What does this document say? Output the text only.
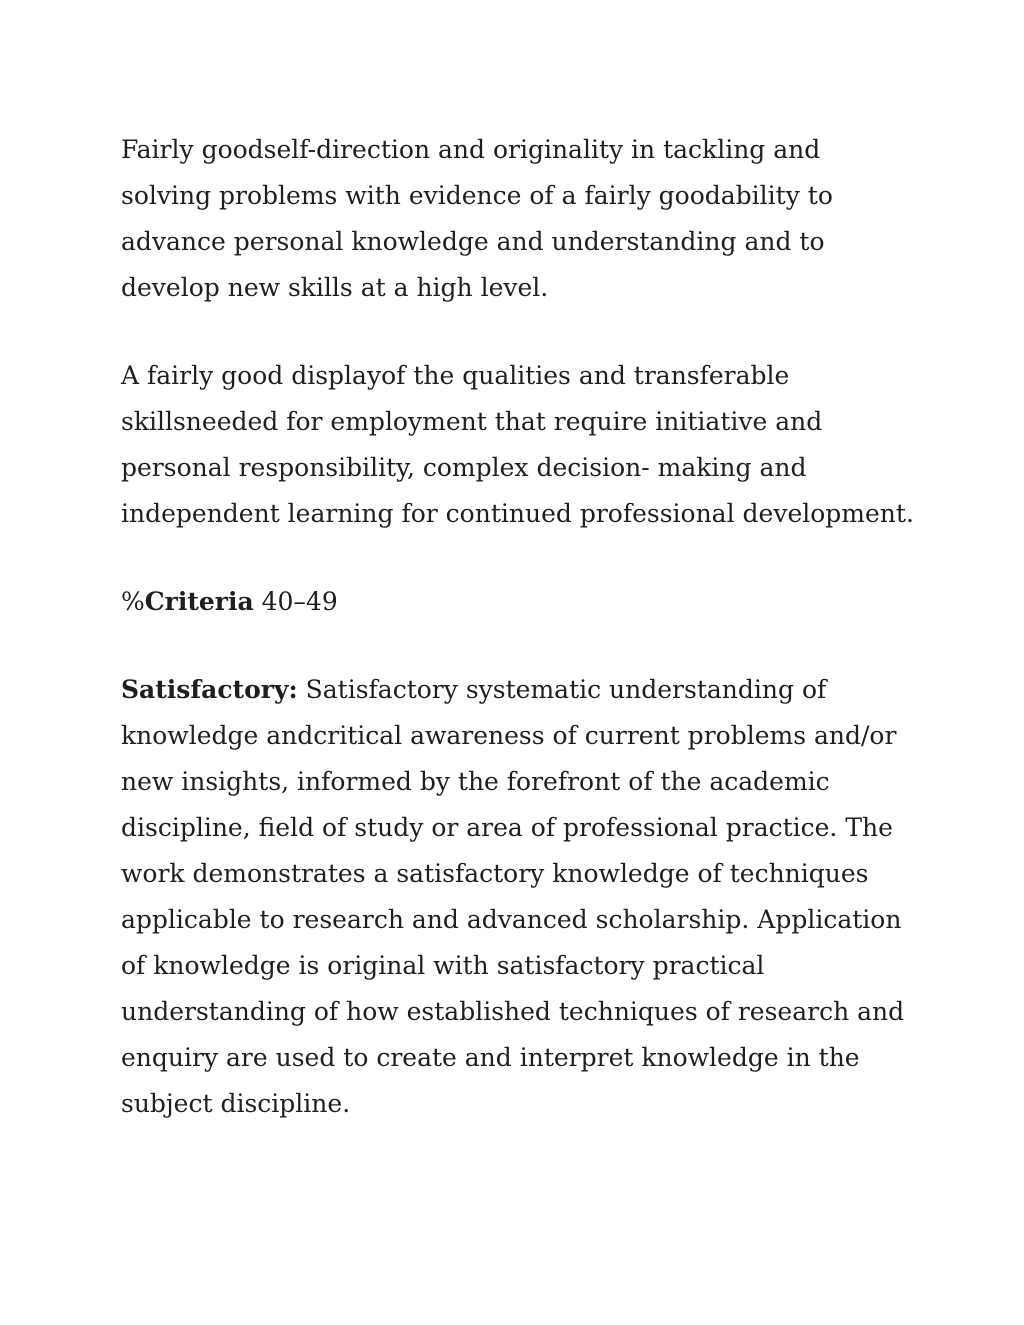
Fairly goodself-direction and originality in tackling and
solving problems with evidence of a fairly goodability to
advance personal knowledge and understanding and to
develop new skills at a high level.

A fairly good displayof the qualities and transferable
skillsneeded for employment that require initiative and
personal responsibility, complex decision- making and
independent learning for continued professional development.

%Criteria 40–49

Satisfactory: Satisfactory systematic understanding of
knowledge andcritical awareness of current problems and/or
new insights, informed by the forefront of the academic
discipline, field of study or area of professional practice. The
work demonstrates a satisfactory knowledge of techniques
applicable to research and advanced scholarship. Application
of knowledge is original with satisfactory practical
understanding of how established techniques of research and
enquiry are used to create and interpret knowledge in the
subject discipline.
